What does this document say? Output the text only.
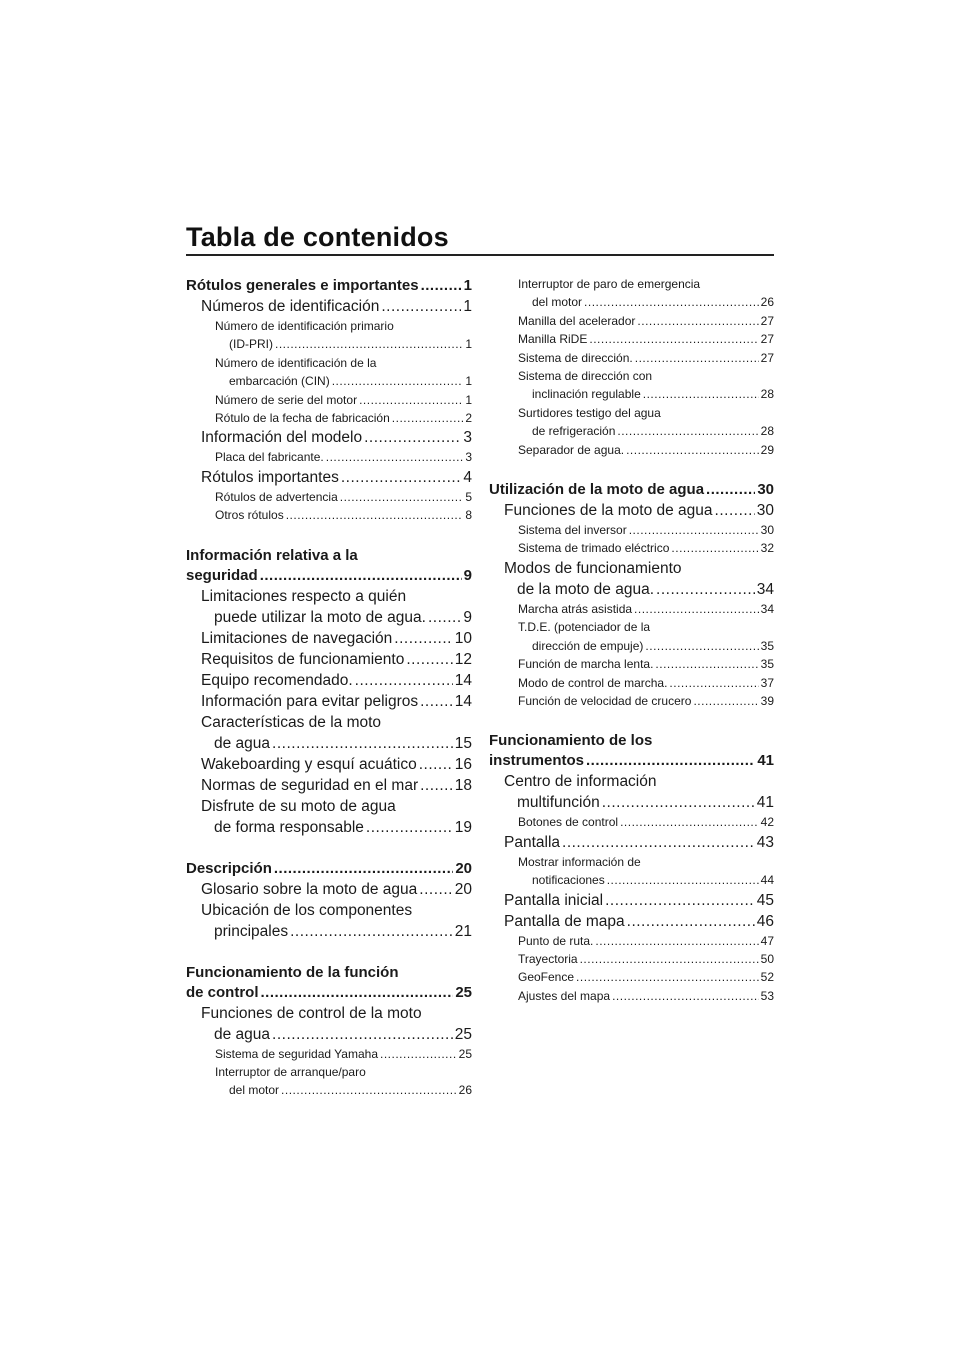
Tabla de contenidos
Rótulos generales e importantes .....	1
Números de identificación .....	1
Número de identificación primario
(ID-PRI) .....	1
Número de identificación de la
embarcación (CIN) .....	1
Número de serie del motor .....	1
Rótulo de la fecha de fabricación .....	2
Información del modelo .....	3
Placa del fabricante. .....	3
Rótulos importantes .....	4
Rótulos de advertencia .....	5
Otros rótulos .....	8
Información relativa a la
seguridad .....	9
Limitaciones respecto a quién
puede utilizar la moto de agua. ..... 9
Limitaciones de navegación .....	10
Requisitos de funcionamiento .....	12
Equipo recomendado. .....	14
Información para evitar peligros ..... 14
Características de la moto
de agua .....	15
Wakeboarding y esquí acuático ..... 16
Normas de seguridad en el mar ..... 18
Disfrute de su moto de agua
de forma responsable .....	19
Descripción .....	20
Glosario sobre la moto de agua ..... 20
Ubicación de los componentes
principales .....	21
Funcionamiento de la función
de control .....	25
Funciones de control de la moto
de agua .....	25
Sistema de seguridad Yamaha .....	25
Interruptor de arranque/paro
del motor .....	26
Interruptor de paro de emergencia
del motor .....	26
Manilla del acelerador .....	27
Manilla RiDE .....	27
Sistema de dirección. .....	27
Sistema de dirección con
inclinación regulable .....	28
Surtidores testigo del agua
de refrigeración .....	28
Separador de agua. .....	29
Utilización de la moto de agua .....	30
Funciones de la moto de agua .....	30
Sistema del inversor .....	30
Sistema de trimado eléctrico .....	32
Modos de funcionamiento
de la moto de agua. .....	34
Marcha atrás asistida .....	34
T.D.E. (potenciador de la
dirección de empuje) .....	35
Función de marcha lenta. .....	35
Modo de control de marcha. .....	37
Función de velocidad de crucero .....	39
Funcionamiento de los
instrumentos .....	41
Centro de información
multifunción .....	41
Botones de control .....	42
Pantalla .....	43
Mostrar información de
notificaciones .....	44
Pantalla inicial .....	45
Pantalla de mapa .....	46
Punto de ruta. .....	47
Trayectoria .....	50
GeoFence .....	52
Ajustes del mapa .....	53
